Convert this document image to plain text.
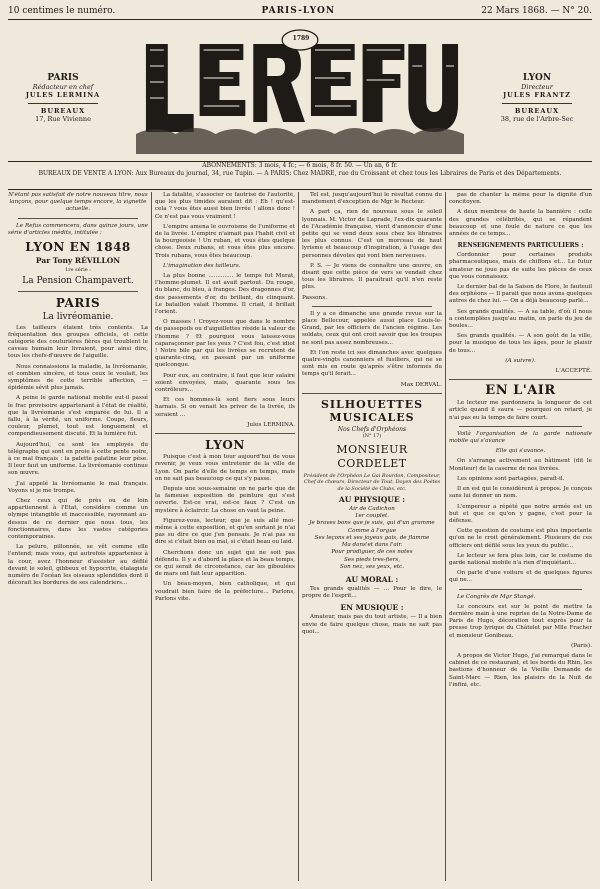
10 centimes le numéro.	PARIS-LYON	22 Mars 1868. — N° 20.
PARIS
Rédacteur en chef
JULES LERMINA
BUREAUX
17, Rue Vivienne
1789
LYON
Directeur
JULES FRANTZ
BUREAUX
38, rue de l'Arbre-Sec
ABONNEMENTS: 3 mois, 4 fr.; — 6 mois, 8 fr. 50. — Un an, 6 fr.
BUREAUX DE VENTE A LYON: Aux Bureaux du journal, 34, rue Tupin. — A PARIS: Chez MADRE, rue du Croissant et chez tous les Libraires de Paris et des Départements.

N'étant pas satisfait de notre nouveau titre, nous lançons, pour quelque temps encore, la vignette actuelle.

Le Refus commencera, dans quinze jours, une série d'articles inédits, intitulée :

LYON EN 1848
Par Tony RÉVILLON
1re série :
La Pension Champavert.
PARIS
La livréomanie.

Les tailleurs étaient très contents. La fréquentation des groupes officiels, et cette catégorie des couturières fières qui troublent le caveau humain leur livraient, pour ainsi dire, tous les chefs-d'œuvre de l'aiguille.

Nous connaissions la maladie, la livréomanie, et combien sincère, et tous ceux le voulait, les symptômes de cette terrible affection, — épidémie sévit plus jamais.

A peine le garde national mobile eut-il passé le frac provisoire appartenant à l'état de réalité, que la livréomanie s'est emparée de lui. Il a fallu, à la vérité, un uniforme. Coupe, fleurs, couleur, plumet, tout est longuement et compendieusement discuté. Et la lumière fut.

Aujourd'hui, ce sont les employés du télégraphe qui sont en proie à cette pente noire, à ce mal français : la palette palatine leur pèse. Il leur faut un uniforme. La livréomanie continue son œuvre.

J'ai appelé la livréomanie le mal français. Voyons si je me trompe.

Chez ceux qui de près ou de loin appartiennent à l'Etat, considère comme un olympe intangible et inaccessible, rayonnant au-dessus de ce dernier que nous tous, les fonctionnaires, dans les vastes catégories contemporaines.

La pelure, pillonnée, se vêt comme elle l'entend; mais vous, qui autrefois apparteniez à la cour, avez l'honneur d'assister au défilé devant le soleil, gibbeux et hypocrite, étalagiste numéro de l'océan les oiseaux splendides dont il décorait les bordures de ses calendriers...

La fatalité, s'associer ce fautrisé de l'autorité, que les plus timides auraient dit : Eh ! qu'est-cela ? vous êtes aussi bien livrée ! allons donc ! Ce n'est pas vous vraiment !

L'empire amena le ouvroisme de l'uniforme et de la livrée. L'empire n'aimait pas l'habit civil et la bourgeoisie ! Un ruban, et vous êtes quelque chose. Deux rubans, et vous êtes plus encore. Trois rubans, vous êtes beaucoup.

L'imagination des tailleurs.

La plus bonne .............. le temps fut Murat, l'homme-plumet. Il est avait partout. Du rouge, du blanc, du bleu, à franges. Des dragonnes d'or, des passements d'or, du brillant, du clinquant. Le bataillon valait l'homme. Il criait, il brillait l'orient.

O masses ! Croyez-vous que dans le nombre de passepoils ou d'aiguillettes réside la valeur de l'homme ? Et pourquoi vous laissez-vous caparaçonner par les yeux ? C'est fou, c'est idiot ! Notre bile par qui les livrées se recrutent de quarante-cinq, en passant par un uniforme quelconque.

Pour eux, au contraire, il faut que leur salaire soient envoyées, mais, quarante sous les contrôleurs...

Et ces hommes-là sont fiers sous leurs harnais. Si on venait les priver de la livrée, ils seraient ...

Jules LERMINA.

LYON

Puisque c'est à mon tour aujourd'hui de vous revenir, je veux vous entretenir de la ville de Lyon. On parle d'elle de temps en temps, mais on ne sait pas beaucoup ce qui s'y passe.

Depuis une sous-semaine on ne parle que de la fameuse exposition de peinture qui s'est ouverte. Est-ce vrai, est-ce faux ? C'est un mystère à éclaircir. La chose en vaut la peine.

Figurez-vous, lecteur, que je suis allé moi-même à cette exposition, et qu'en sortant je n'ai pas su dire ce que j'en pensais. Je n'ai pas su dire si c'était bien ou mal, si c'était beau ou laid.

Cherchons donc un sujet qui ne soit pas défendu. Il y a d'abord la place et la beau temps, ce qui serait de circonstance, car les giboulées de mars ont fait leur apparition.

Un beau-moyen, bien catholique, et qui voudrait bien faire de la préfecture... Parlons, Parlons vite.

Tel est, jusqu'aujourd'hui le résultat connu du mandement d'exception de Mgr le Recteur.

A part ça, rien de nouveau sous le soleil lyonnais. M. Victor de Laprade, l'ex-dix quarante de l'Académie française, vient d'annoncer d'une petite qui se vend deux sous chez les libraires les plus connus. C'est un morceau de haut lyrisme et beaucoup d'inspiration, à l'usage des personnes dévotes qui vont bien nerveuses.

P. S. — Je viens de connaître une œuvre, en disant que cette pièce de vers se vendait chez tous les libraires. Il paraîtrait qu'il n'en reste plus.

Passons.

Il y a ce dimanche une grande revue sur la place Bellecour, appelée aussi place Louis-le-Grand, par les officiers de l'ancien régime. Les soldats, ceux qui ont croit savoir que les troupes ne sont pas assez nombreuses...

Et l'on reste ici ses dimanches avec quelques quatre-vingts canonniers et fusiliers, qui ne se sont mis en route qu'après s'être informés du temps qu'il ferait...

Max DERVAL.

SILHOUETTES MUSICALES
Nos Chefs d'Orphéons
(N° 17)
MONSIEUR CORDELET

Président de l'Orphéon Le Gai Bourdon, Compositeur, Chef de chœurs, Directeur de Tout, Doyen des Poètes de la Société de Clubs, etc.

AU PHYSIQUE :
Air de Cadichon
1er couplet.
Je braves bons que je suis, qui d'un gramme
Comme à l'orgue
Ses leçons et ses joyeux gais, de flamme
Ma dans'et dans l'air.
Pour prodiguer, de ces notes
Ses pieds tres-fiers,
Son nez, ses yeux, etc.
AU MORAL :

Tes grands qualités — ... Pour le dire, le propre de l'esprit...

EN MUSIQUE :

Amateur, mais pas du tout artiste, — Il a bien envie de faire quelque chose, mais ne sait pas quoi...

pas de chanter la même pour la dignité d'un concitoyen.

A deux membres de haute la bannière : celle des grandes célébrités, qui se répandent beaucoup et une foule de nature ce que les années de ce temps...

RENSEIGNEMENTS PARTICULIERS :

Cordonnier pour certaines produits pharmaceutiques, mais de chiffons et... Le futur amateur ne joue pas de suite les pièces de ceux que vous connaissez.

Le dernier bal de la Saison de Flore, le fauteuil des orphéons — Il parait que nous avons quelques autres de chez lui. — On a déjà beaucoup parlé...

Ses grands qualités. — A sa table, d'où il nous a contemplées jusqu'au matin, on parle du jeu de boules...

Ses grands qualités. — A son goût de la ville, pour la musique de tous les âges, pour le plaisir de tous...

(A suivre).

L'ACCEPTÉ.

EN L'AIR

Le lecteur me pardonnera la longueur de cet article quand il saura — pourquoi on retard, je n'ai pas eu la temps de faire court.

Voilà l'organisation de la garde nationale mobile qui s'avance

Elle qui s'avance.

On s'arrange activement au bâtiment (dit le Moniteur) de la caserne de nos livrées.

Les opinions sont partagées, paraît-il.

Il en est qui le considèrent à propos. Je conçois sans lui donner un nom.

L'empereur a répété que notre armée est un but et que ce qu'on y gagne, c'est pour la défense.

Cette question de costume est plus importante qu'on ne le croit généralement. Plusieurs de ces officiers ont défilé sous les yeux du public...

Le lecteur se fera plus loin, car le costume du garde national mobile n'a rien d'inquiétant...

On parle d'une voiture et de quelques figures qui ne...

Le Congrès de Mgr Stangé.

Le concours est sur le point de mettre la dernière main à une reprise de la Notre-Dame de Paris de Hugo, décoration tout exprès pour la presse trop lyrique du Châtelet par Mlle Fracher et monsieur Gonibeau.

(Paris).

A propos de Victor Hugo, j'ai remarqué dans le cabinet de ce restaurant, et les bords du Rhin, les bastions d'honneur de la Vieille Demande de Saint-Marc — Rien, les plaisirs de la Nuit de l'infini, etc.
